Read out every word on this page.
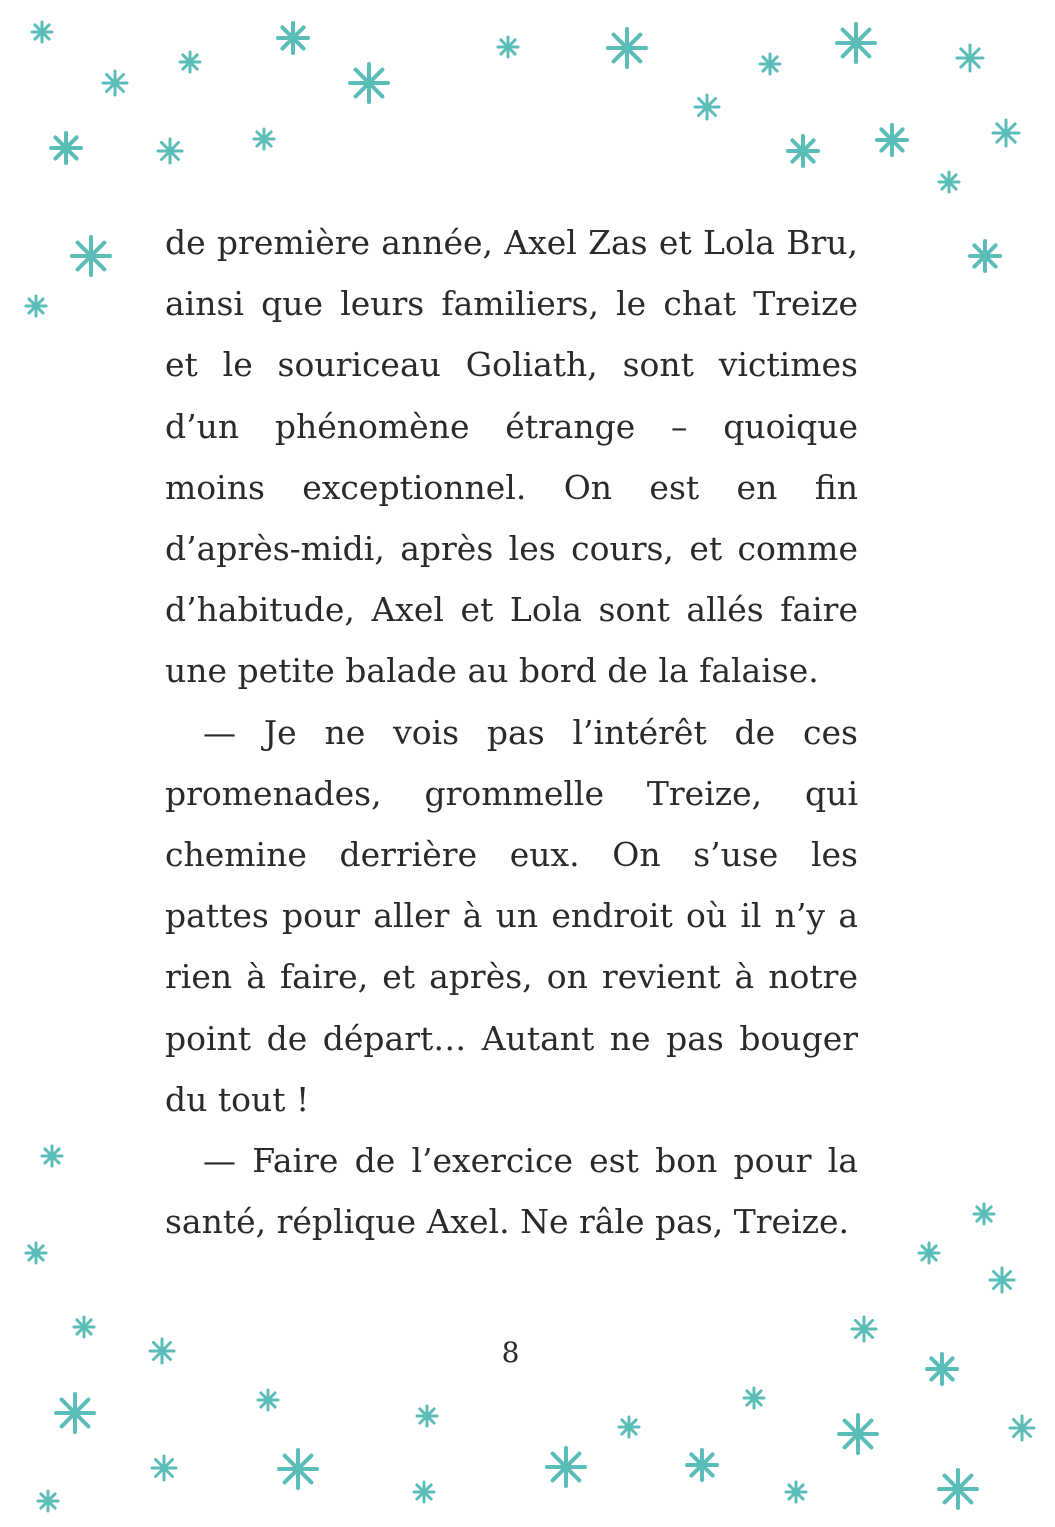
de première année, Axel Zas et Lola Bru, ainsi que leurs familiers, le chat Treize et le souriceau Goliath, sont victimes d’un phénomène étrange – quoique moins exceptionnel. On est en fin d’après-midi, après les cours, et comme d’habitude, Axel et Lola sont allés faire une petite balade au bord de la falaise.

— Je ne vois pas l’intérêt de ces promenades, grommelle Treize, qui chemine derrière eux. On s’use les pattes pour aller à un endroit où il n’y a rien à faire, et après, on revient à notre point de départ… Autant ne pas bouger du tout !

— Faire de l’exercice est bon pour la santé, réplique Axel. Ne râle pas, Treize.

8
